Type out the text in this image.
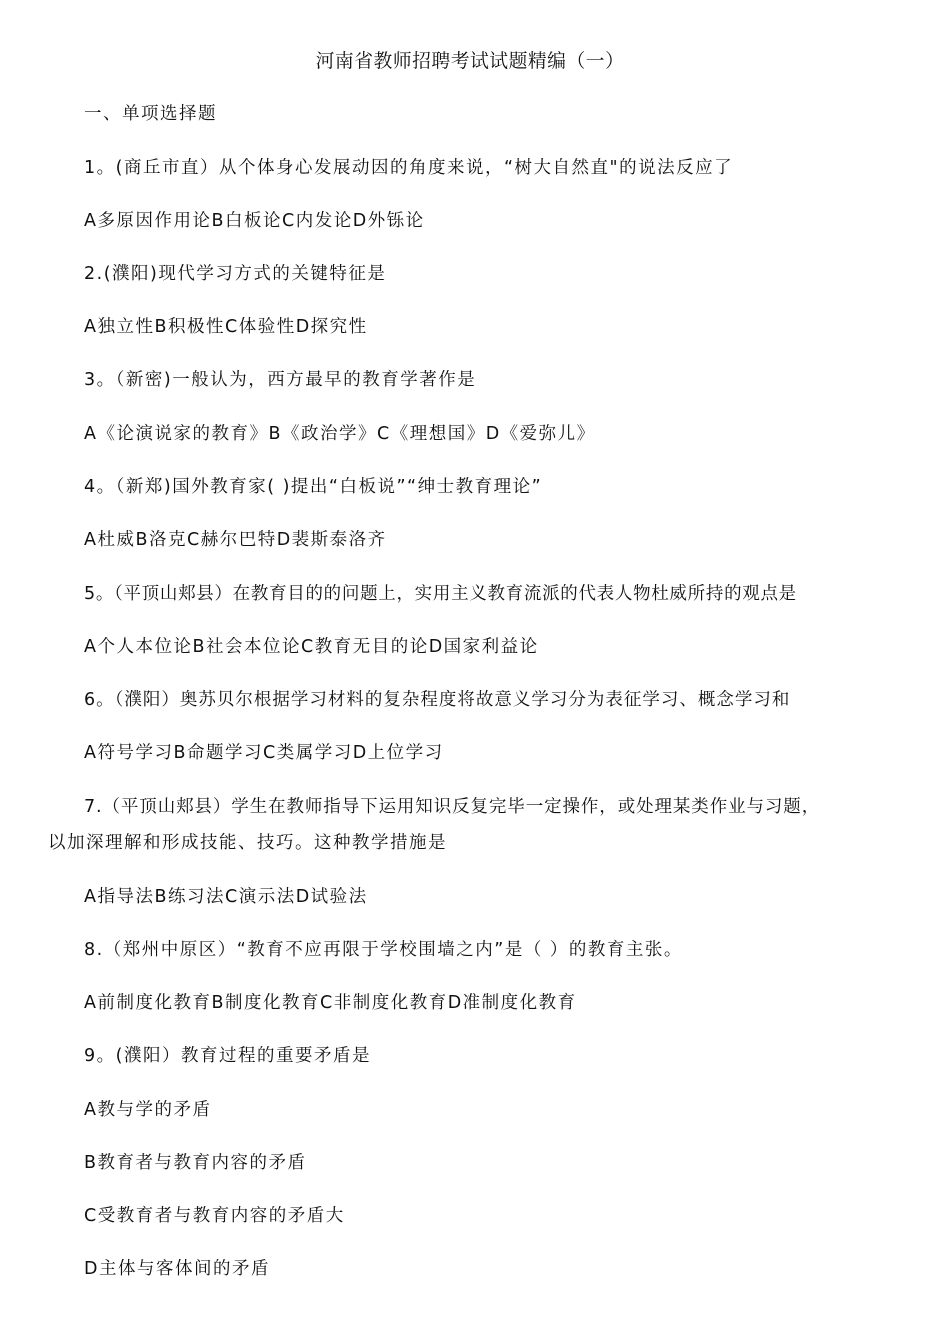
河南省教师招聘考试试题精编（一）
一、单项选择题
1。(商丘市直）从个体身心发展动因的角度来说，“树大自然直"的说法反应了
A多原因作用论B白板论C内发论D外铄论
2.(濮阳)现代学习方式的关键特征是
A独立性B积极性C体验性D探究性
3。（新密)一般认为，西方最早的教育学著作是
A《论演说家的教育》B《政治学》C《理想国》D《爱弥儿》
4。（新郑)国外教育家( )提出“白板说”“绅士教育理论”
A杜威B洛克C赫尔巴特D裴斯泰洛齐
5。（平顶山郏县）在教育目的的问题上，实用主义教育流派的代表人物杜威所持的观点是
A个人本位论B社会本位论C教育无目的论D国家利益论
6。（濮阳）奥苏贝尔根据学习材料的复杂程度将故意义学习分为表征学习、概念学习和
A符号学习B命题学习C类属学习D上位学习
7.（平顶山郏县）学生在教师指导下运用知识反复完毕一定操作，或处理某类作业与习题，
以加深理解和形成技能、技巧。这种教学措施是
A指导法B练习法C演示法D试验法
8.（郑州中原区）“教育不应再限于学校围墙之内”是（ ）的教育主张。
A前制度化教育B制度化教育C非制度化教育D准制度化教育
9。(濮阳）教育过程的重要矛盾是
A教与学的矛盾
B教育者与教育内容的矛盾
C受教育者与教育内容的矛盾大
D主体与客体间的矛盾
